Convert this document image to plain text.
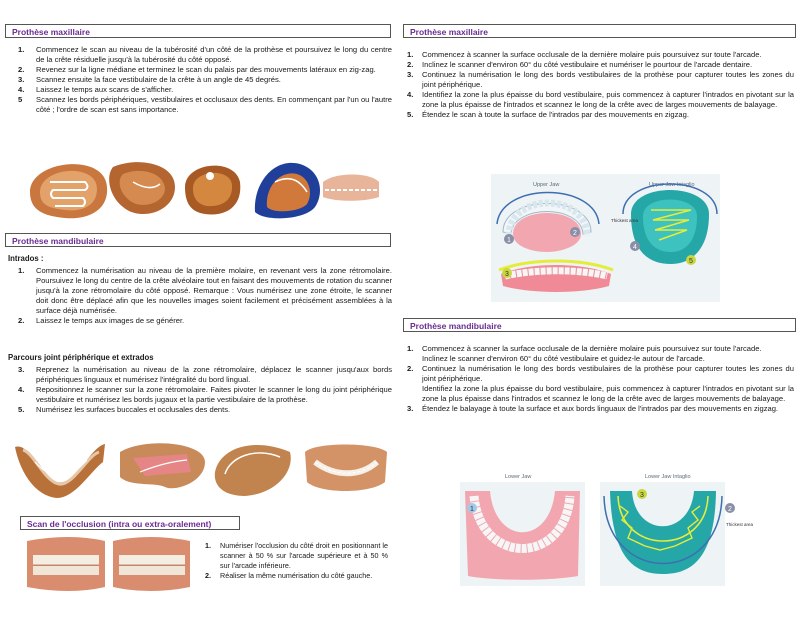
Prothèse maxillaire
1. Commencez le scan au niveau de la tubérosité d'un côté de la prothèse et poursuivez le long du centre de la crête résiduelle jusqu'à la tubérosité du côté opposé.
2. Revenez sur la ligne médiane et terminez le scan du palais par des mouvements latéraux en zig-zag.
3. Scannez ensuite la face vestibulaire de la crête à un angle de 45 degrés.
4. Laissez le temps aux scans de s'afficher.
5 Scannez les bords périphériques, vestibulaires et occlusaux des dents. En commençant par l'un ou l'autre côté ; l'ordre de scan est sans importance.
Prothèse mandibulaire
Intrados :
1. Commencez la numérisation au niveau de la première molaire, en revenant vers la zone rétromolaire. Poursuivez le long du centre de la crête alvéolaire tout en faisant des mouvements de rotation du scanner jusqu'à la zone rétromolaire du côté opposé. Remarque : Vous numérisez une zone étroite, le scanner doit donc être déplacé afin que les nouvelles images soient facilement et précisément assemblées à la surface déjà numérisée.
2. Laissez le temps aux images de se générer.
Parcours joint périphérique et extrados
3. Reprenez la numérisation au niveau de la zone rétromolaire, déplacez le scanner jusqu'aux bords périphériques linguaux et numérisez l'intégralité du bord lingual.
4. Repositionnez le scanner sur la zone rétromolaire. Faites pivoter le scanner le long du joint périphérique vestibulaire et numérisez les bords jugaux et la partie vestibulaire de la prothèse.
5. Numérisez les surfaces buccales et occlusales des dents.
Scan de l'occlusion (intra ou extra-oralement)
1. Numériser l'occlusion du côté droit en positionnant le scanner à 50 % sur l'arcade supérieure et à 50 % sur l'arcade inférieure.
2. Réaliser la même numérisation du côté gauche.
Prothèse maxillaire
1. Commencez à scanner la surface occlusale de la dernière molaire puis poursuivez sur toute l'arcade.
2. Inclinez le scanner d'environ 60° du côté vestibulaire et numériser le pourtour de l'arcade dentaire.
3. Continuez la numérisation le long des bords vestibulaires de la prothèse pour capturer toutes les zones du joint périphérique.
4. Identifiez la zone la plus épaisse du bord vestibulaire, puis commencez à capturer l'intrados en pivotant sur la zone la plus épaisse de l'intrados et scannez le long de la crête avec de larges mouvements de balayage.
5. Étendez le scan à toute la surface de l'intrados par des mouvements en zigzag.
1
2
3
Upper Jaw	Upper Jaw Intaglio
4
5
Thickest area
Prothèse mandibulaire
1. Commencez à scanner la surface occlusale de la dernière molaire puis poursuivez sur toute l'arcade.
Inclinez le scanner d'environ 60° du côté vestibulaire et guidez-le autour de l'arcade.
2. Continuez la numérisation le long des bords vestibulaires de la prothèse pour capturer toutes les zones du joint périphérique.
Identifiez la zone la plus épaisse du bord vestibulaire, puis commencez à capturer l'intrados en pivotant sur la zone la plus épaisse dans l'intrados et scannez le long de la crête avec de larges mouvements de balayage.
3. Étendez le balayage à toute la surface et aux bords linguaux de l'intrados par des mouvements en zigzag.
Lower Jaw	Lower Jaw Intaglio
1
3
2
Thickest area
